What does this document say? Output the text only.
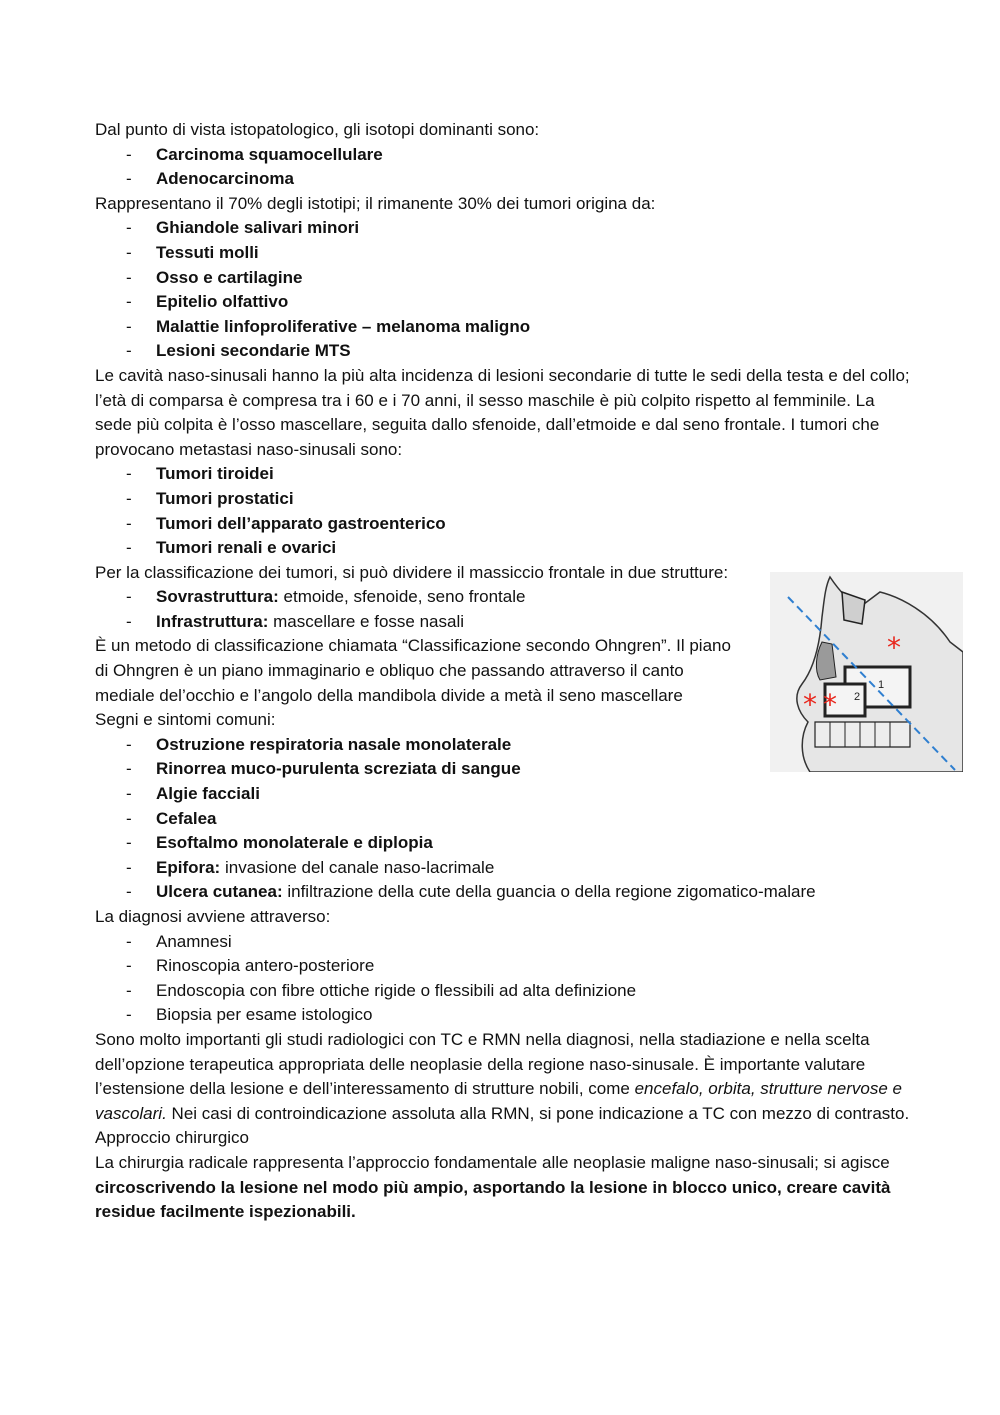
Dal punto di vista istopatologico, gli isotopi dominanti sono:

- Carcinoma squamocellulare

- Adenocarcinoma

Rappresentano il 70% degli istotipi; il rimanente 30% dei tumori origina da:

- Ghiandole salivari minori

- Tessuti molli

- Osso e cartilagine

- Epitelio olfattivo

- Malattie linfoproliferative – melanoma maligno

- Lesioni secondarie MTS

Le cavità naso-sinusali hanno la più alta incidenza di lesioni secondarie di tutte le sedi della testa e del collo; l’età di comparsa è compresa tra i 60 e i 70 anni, il sesso maschile è più colpito rispetto al femminile. La sede più colpita è l’osso mascellare, seguita dallo sfenoide, dall’etmoide e dal seno frontale. I tumori che provocano metastasi naso-sinusali sono:

- Tumori tiroidei

- Tumori prostatici

- Tumori dell’apparato gastroenterico

- Tumori renali e ovarici

Per la classificazione dei tumori, si può dividere il massiccio frontale in due strutture:

- Sovrastruttura: etmoide, sfenoide, seno frontale

- Infrastruttura: mascellare e fosse nasali

È un metodo di classificazione chiamata “Classificazione secondo Ohngren”. Il piano di Ohngren è un piano immaginario e obliquo che passando attraverso il canto mediale del’occhio e l’angolo della mandibola divide a metà il seno mascellare

Segni e sintomi comuni:

- Ostruzione respiratoria nasale monolaterale

- Rinorrea muco-purulenta screziata di sangue

- Algie facciali

- Cefalea

- Esoftalmo monolaterale e diplopia

- Epifora: invasione del canale naso-lacrimale

- Ulcera cutanea: infiltrazione della cute della guancia o della regione zigomatico-malare

La diagnosi avviene attraverso:

- Anamnesi

- Rinoscopia antero-posteriore

- Endoscopia con fibre ottiche rigide o flessibili ad alta definizione

- Biopsia per esame istologico

Sono molto importanti gli studi radiologici con TC e RMN nella diagnosi, nella stadiazione e nella scelta dell’opzione terapeutica appropriata delle neoplasie della regione naso-sinusale. È importante valutare l’estensione della lesione e dell’interessamento di strutture nobili, come encefalo, orbita, strutture nervose e vascolari. Nei casi di controindicazione assoluta alla RMN, si pone indicazione a TC con mezzo di contrasto.

Approccio chirurgico

La chirurgia radicale rappresenta l’approccio fondamentale alle neoplasie maligne naso-sinusali; si agisce circoscrivendo la lesione nel modo più ampio, asportando la lesione in blocco unico, creare cavità residue facilmente ispezionabili.

1
2
*
* *
